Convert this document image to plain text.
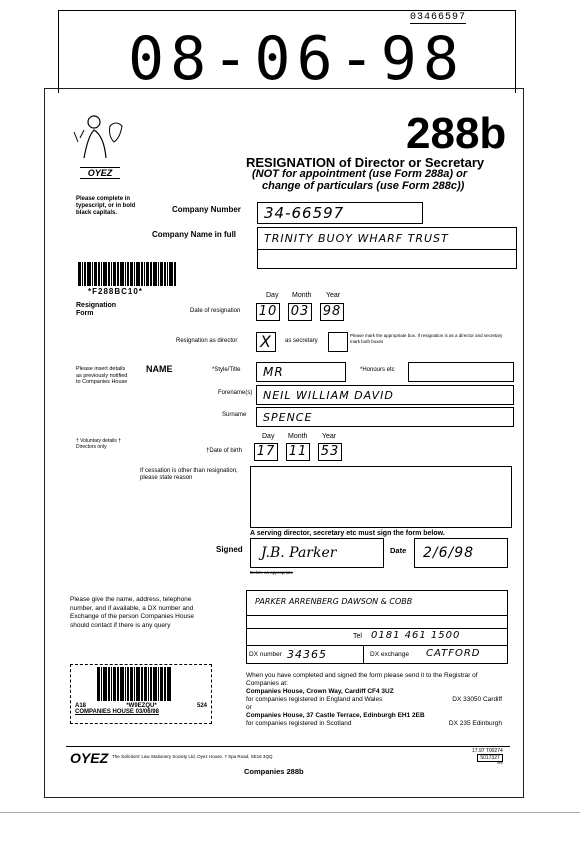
03466597
08-06-98
OYEZ
288b
RESIGNATION of Director or Secretary
(NOT for appointment (use Form 288a) or
change of particulars (use Form 288c))
Please complete in typescript, or in bold black capitals.	Company Number	34-66597
Company Name in full	TRINITY BUOY WHARF TRUST
*F288BC10*
Resignation Form
Day Month Year
Date of resignation 10 03 98
Resignation as director X	as secretary
Please mark the appropriate box. If resignation is as a director and secretary mark both boxes
Please insert details as previously notified to Companies House
NAME	*Style/Title	MR	*Honours etc
Forename(s) NEIL WILLIAM DAVID
Surname	SPENCE
† Voluntary details † Directors only
Day Month Year
†Date of birth 17 11 53
If cessation is other than resignation, please state reason
A serving director, secretary etc must sign the form below.
Signed	J.B. Parker	Date	2/6/98
Delete as appropriate
Please give the name, address, telephone number, and if available, a DX number and Exchange of the person Companies House should contact if there is any query
PARKER ARRENBERG DAWSON & COBB
Tel 0181 461 1500
DX number 34365	DX exchange CATFORD
A18	*W9EZQU*	524
COMPANIES HOUSE 03/06/98
When you have completed and signed the form please send it to the Registrar of Companies at:
Companies House, Crown Way, Cardiff CF4 3UZ
for companies registered in England and Wales	DX 33050 Cardiff
or
Companies House, 37 Castle Terrace, Edinburgh EH1 2EB
for companies registered in Scotland	DX 235 Edinburgh
OYEZ The Solicitors' Law Stationery Society Ltd, Oyez House, 7 Spa Road, SE16 3QQ
Companies 288b
17.97 T00274
5017327
***
